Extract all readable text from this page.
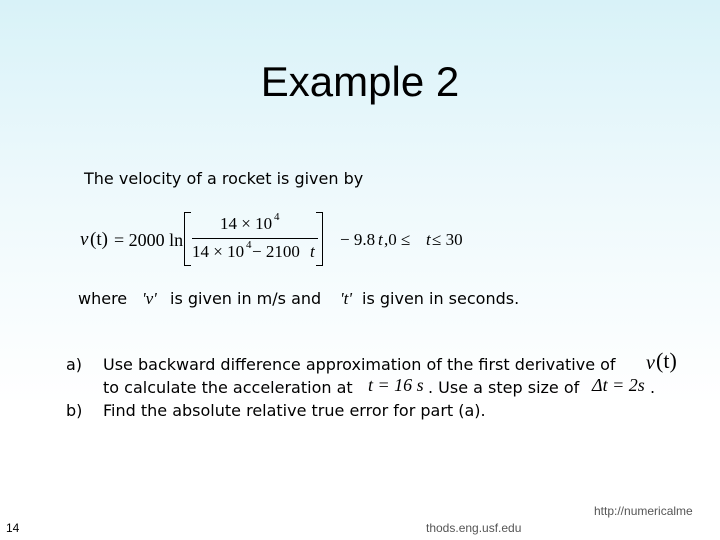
Example 2
The velocity of a rocket is given by
v (t) = 2000 ln
14 × 10 4
14 × 10 4 − 2100 t
− 9.8 t ,0 ≤ t ≤ 30
where 'v' is given in m/s and 't' is given in seconds.
a) Use backward difference approximation of the first derivative of v (t)
to calculate the acceleration at t = 16 s . Use a step size of Δt = 2s .
b) Find the absolute relative true error for part (a).
14
http://numericalme
thods.eng.usf.edu
